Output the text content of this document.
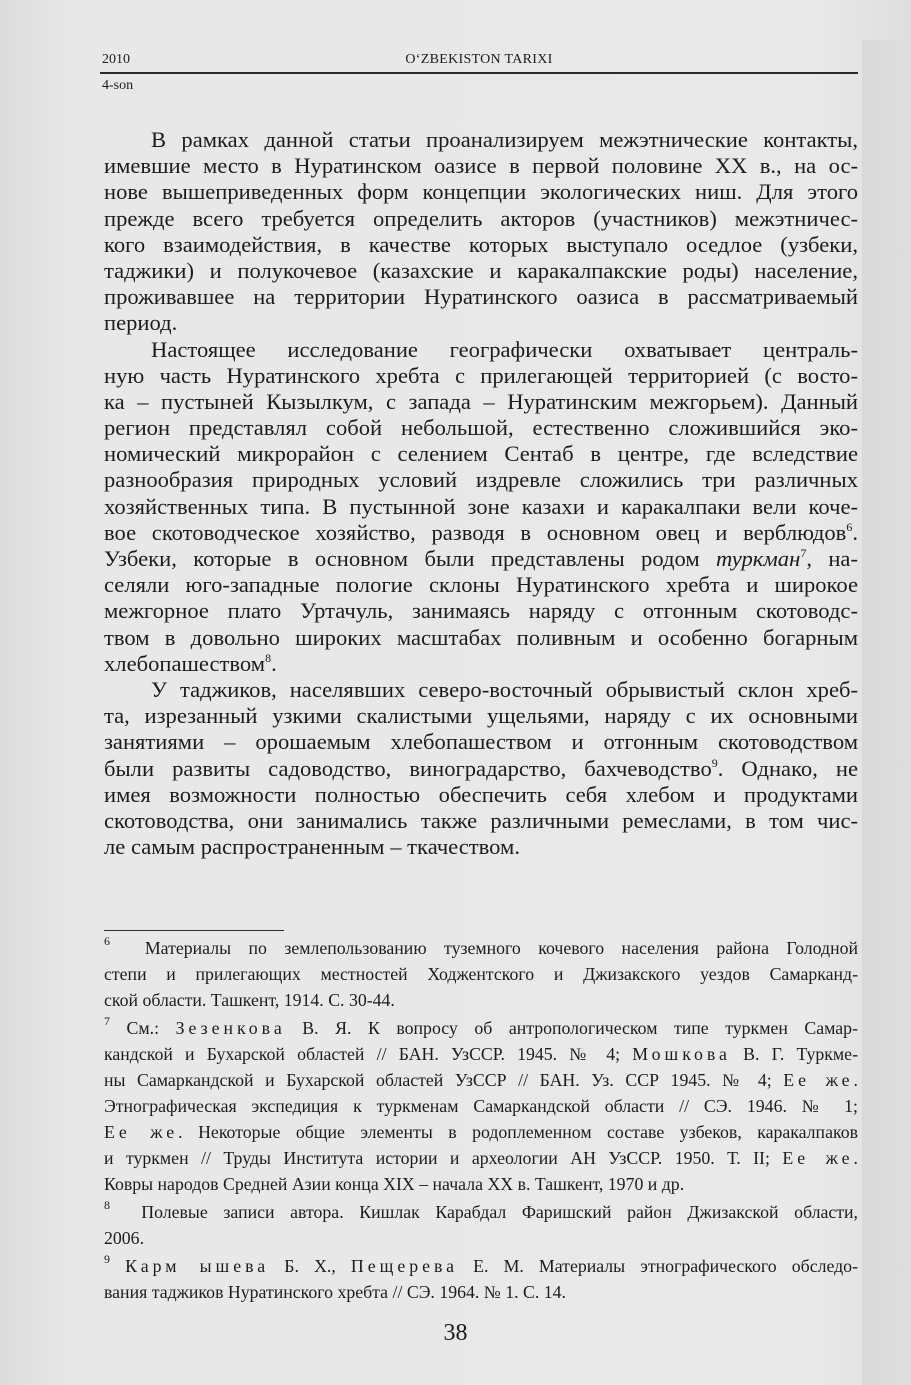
2010	O‘ZBEKISTON TARIXI
4-son
В рамках данной статьи проанализируем межэтнические контакты,
имевшие место в Нуратинском оазисе в первой половине XX в., на ос-
нове вышеприведенных форм концепции экологических ниш. Для этого
прежде всего требуется определить акторов (участников) межэтничес-
кого взаимодействия, в качестве которых выступало оседлое (узбеки,
таджики) и полукочевое (казахские и каракалпакские роды) население,
проживавшее на территории Нуратинского оазиса в рассматриваемый
период.
Настоящее исследование географически охватывает централь-
ную часть Нуратинского хребта с прилегающей территорией (с восто-
ка – пустыней Кызылкум, с запада – Нуратинским межгорьем). Данный
регион представлял собой небольшой, естественно сложившийся эко-
номический микрорайон с селением Сентаб в центре, где вследствие
разнообразия природных условий издревле сложились три различных
хозяйственных типа. В пустынной зоне казахи и каракалпаки вели коче-
вое скотоводческое хозяйство, разводя в основном овец и верблюдов$^6$.
Узбеки, которые в основном были представлены родом туркман$^7$, на-
селяли юго-западные пологие склоны Нуратинского хребта и широкое
межгорное плато Уртачуль, занимаясь наряду с отгонным скотоводс-
твом в довольно широких масштабах поливным и особенно богарным
хлебопашеством$^8$.
У таджиков, населявших северо-восточный обрывистый склон хреб-
та, изрезанный узкими скалистыми ущельями, наряду с их основными
занятиями – орошаемым хлебопашеством и отгонным скотоводством
были развиты садоводство, виноградарство, бахчеводство$^9$. Однако, не
имея возможности полностью обеспечить себя хлебом и продуктами
скотоводства, они занимались также различными ремеслами, в том чис-
ле самым распространенным – ткачеством.
$^6$ Материалы по землепользованию туземного кочевого населения района Голодной
степи и прилегающих местностей Ходжентского и Джизакского уездов Самарканд-
ской области. Ташкент, 1914. С. 30-44.
$^7$ См.: Зезенкова В. Я. К вопросу об антропологическом типе туркмен Самар-
кандской и Бухарской областей // БАН. УзССР. 1945. № 4; Мошкова В. Г. Туркме-
ны Самаркандской и Бухарской областей УзССР // БАН. Уз. ССР 1945. № 4; Ее же.
Этнографическая экспедиция к туркменам Самаркандской области // СЭ. 1946. № 1;
Ее же. Некоторые общие элементы в родоплеменном составе узбеков, каракалпаков
и туркмен // Труды Института истории и археологии АН УзССР. 1950. Т. II; Ее же.
Ковры народов Средней Азии конца XIX – начала XX в. Ташкент, 1970 и др.
$^8$ Полевые записи автора. Кишлак Карабдал Фаришский район Джизакской области,
2006.
$^9$ Карм ышева Б. Х., Пещерева Е. М. Материалы этнографического обследо-
вания таджиков Нуратинского хребта // СЭ. 1964. № 1. С. 14.
38
